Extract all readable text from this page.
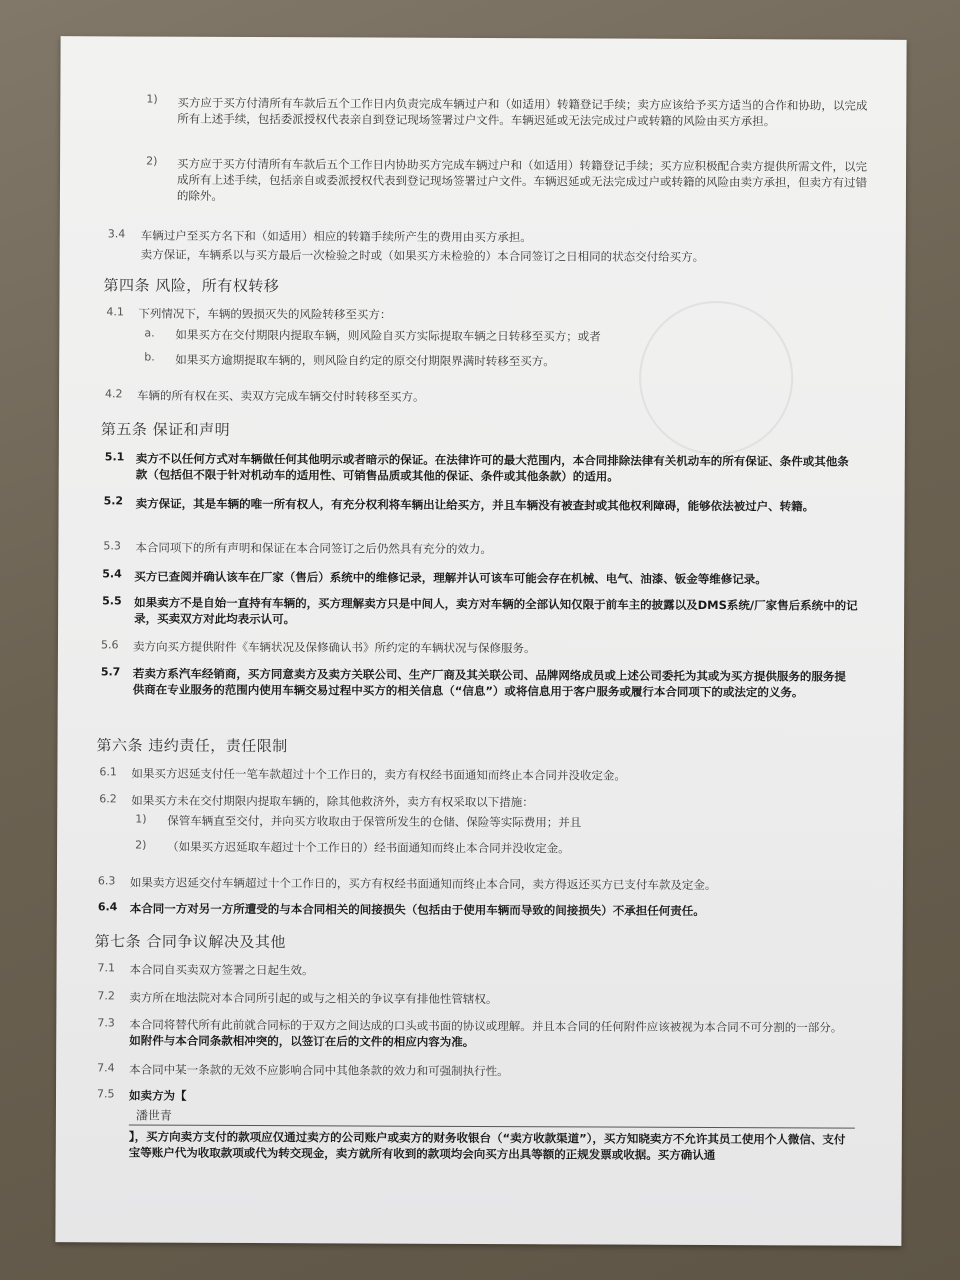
1) 买方应于买方付清所有车款后五个工作日内负责完成车辆过户和（如适用）转籍登记手续；卖方应该给予买方适当的合作和协助，以完成所有上述手续，包括委派授权代表亲自到登记现场签署过户文件。车辆迟延或无法完成过户或转籍的风险由买方承担。
2) 买方应于买方付清所有车款后五个工作日内协助买方完成车辆过户和（如适用）转籍登记手续；买方应积极配合卖方提供所需文件，以完成所有上述手续，包括亲自或委派授权代表到登记现场签署过户文件。车辆迟延或无法完成过户或转籍的风险由卖方承担，但卖方有过错的除外。
3.4 车辆过户至买方名下和（如适用）相应的转籍手续所产生的费用由买方承担。
卖方保证，车辆系以与买方最后一次检验之时或（如果买方未检验的）本合同签订之日相同的状态交付给买方。
第四条 风险，所有权转移
4.1 下列情况下，车辆的毁损灭失的风险转移至买方：
a. 如果买方在交付期限内提取车辆，则风险自买方实际提取车辆之日转移至买方；或者
b. 如果买方逾期提取车辆的，则风险自约定的原交付期限界满时转移至买方。
4.2 车辆的所有权在买、卖双方完成车辆交付时转移至买方。
第五条 保证和声明
5.1 卖方不以任何方式对车辆做任何其他明示或者暗示的保证。在法律许可的最大范围内，本合同排除法律有关机动车的所有保证、条件或其他条款（包括但不限于针对机动车的适用性、可销售品质或其他的保证、条件或其他条款）的适用。
5.2 卖方保证，其是车辆的唯一所有权人，有充分权利将车辆出让给买方，并且车辆没有被查封或其他权利障碍，能够依法被过户、转籍。
5.3 本合同项下的所有声明和保证在本合同签订之后仍然具有充分的效力。
5.4 买方已查阅并确认该车在厂家（售后）系统中的维修记录，理解并认可该车可能会存在机械、电气、油漆、钣金等维修记录。
5.5 如果卖方不是自始一直持有车辆的，买方理解卖方只是中间人，卖方对车辆的全部认知仅限于前车主的披露以及DMS系统/厂家售后系统中的记录，买卖双方对此均表示认可。
5.6 卖方向买方提供附件《车辆状况及保修确认书》所约定的车辆状况与保修服务。
5.7 若卖方系汽车经销商，买方同意卖方及卖方关联公司、生产厂商及其关联公司、品牌网络成员或上述公司委托为其或为买方提供服务的服务提供商在专业服务的范围内使用车辆交易过程中买方的相关信息（“信息”）或将信息用于客户服务或履行本合同项下的或法定的义务。
第六条 违约责任，责任限制
6.1 如果买方迟延支付任一笔车款超过十个工作日的，卖方有权经书面通知而终止本合同并没收定金。
6.2 如果买方未在交付期限内提取车辆的，除其他救济外，卖方有权采取以下措施：
1) 保管车辆直至交付，并向买方收取由于保管所发生的仓储、保险等实际费用；并且
2) （如果买方迟延取车超过十个工作日的）经书面通知而终止本合同并没收定金。
6.3 如果卖方迟延交付车辆超过十个工作日的，买方有权经书面通知而终止本合同，卖方得返还买方已支付车款及定金。
6.4 本合同一方对另一方所遭受的与本合同相关的间接损失（包括由于使用车辆而导致的间接损失）不承担任何责任。
第七条 合同争议解决及其他
7.1 本合同自买卖双方签署之日起生效。
7.2 卖方所在地法院对本合同所引起的或与之相关的争议享有排他性管辖权。
7.3 本合同将替代所有此前就合同标的于双方之间达成的口头或书面的协议或理解。并且本合同的任何附件应该被视为本合同不可分割的一部分。如附件与本合同条款相冲突的，以签订在后的文件的相应内容为准。
7.4 本合同中某一条款的无效不应影响合同中其他条款的效力和可强制执行性。
7.5 如卖方为【
潘世青
】，买方向卖方支付的款项应仅通过卖方的公司账户或卖方的财务收银台（“卖方收款渠道”），买方知晓卖方不允许其员工使用个人微信、支付宝等账户代为收取款项或代为转交现金，卖方就所有收到的款项均会向买方出具等额的正规发票或收据。买方确认通
